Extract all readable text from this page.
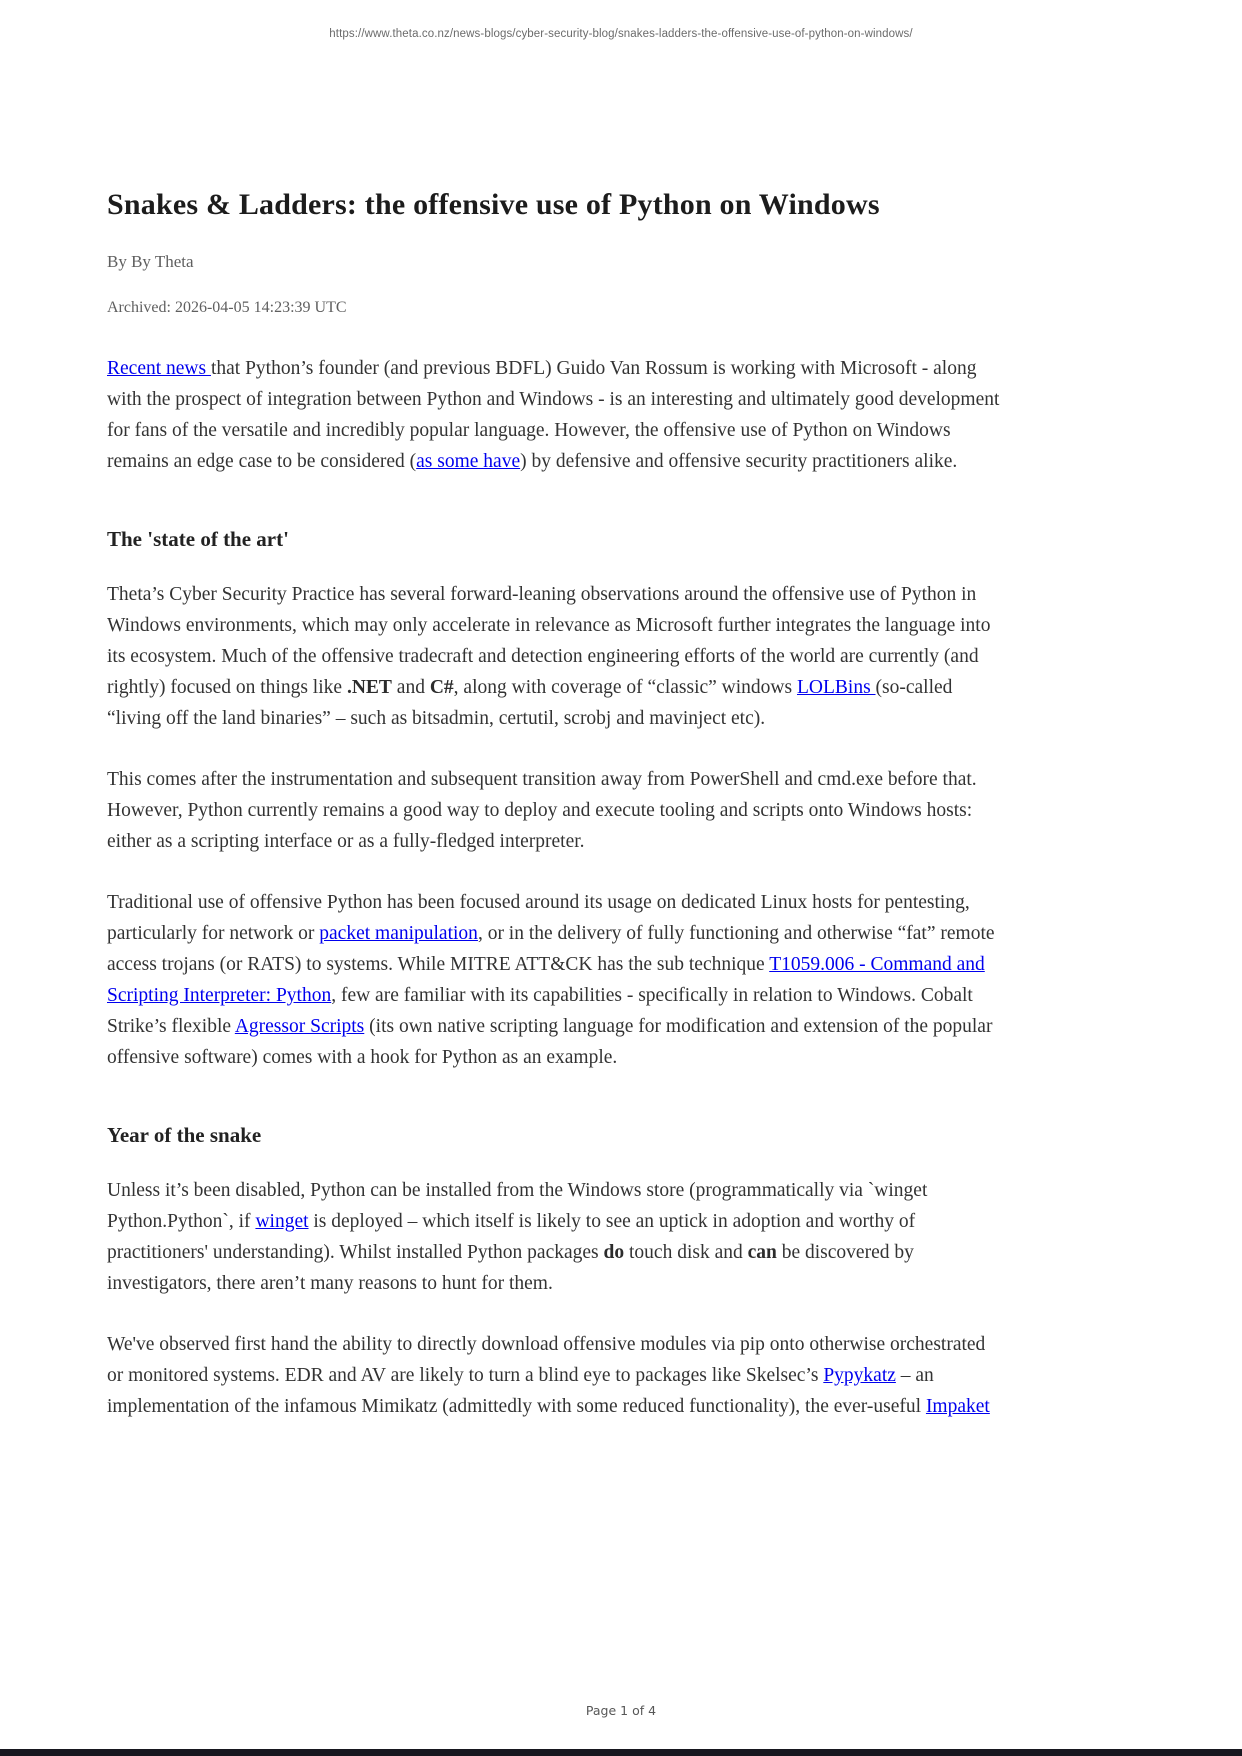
https://www.theta.co.nz/news-blogs/cyber-security-blog/snakes-ladders-the-offensive-use-of-python-on-windows/
Snakes & Ladders: the offensive use of Python on Windows
By By Theta
Archived: 2026-04-05 14:23:39 UTC

Recent news that Python’s founder (and previous BDFL) Guido Van Rossum is working with Microsoft - along with the prospect of integration between Python and Windows - is an interesting and ultimately good development for fans of the versatile and incredibly popular language. However, the offensive use of Python on Windows remains an edge case to be considered (as some have) by defensive and offensive security practitioners alike.

The 'state of the art'

Theta’s Cyber Security Practice has several forward-leaning observations around the offensive use of Python in Windows environments, which may only accelerate in relevance as Microsoft further integrates the language into its ecosystem. Much of the offensive tradecraft and detection engineering efforts of the world are currently (and rightly) focused on things like .NET and C#, along with coverage of “classic” windows LOLBins (so-called “living off the land binaries” – such as bitsadmin, certutil, scrobj and mavinject etc).

This comes after the instrumentation and subsequent transition away from PowerShell and cmd.exe before that. However, Python currently remains a good way to deploy and execute tooling and scripts onto Windows hosts: either as a scripting interface or as a fully-fledged interpreter.

Traditional use of offensive Python has been focused around its usage on dedicated Linux hosts for pentesting, particularly for network or packet manipulation, or in the delivery of fully functioning and otherwise “fat” remote access trojans (or RATS) to systems. While MITRE ATT&CK has the sub technique T1059.006 - Command and Scripting Interpreter: Python, few are familiar with its capabilities - specifically in relation to Windows. Cobalt Strike’s flexible Agressor Scripts (its own native scripting language for modification and extension of the popular offensive software) comes with a hook for Python as an example.

Year of the snake

Unless it’s been disabled, Python can be installed from the Windows store (programmatically via `winget Python.Python`, if winget is deployed – which itself is likely to see an uptick in adoption and worthy of practitioners' understanding). Whilst installed Python packages do touch disk and can be discovered by investigators, there aren’t many reasons to hunt for them.

We've observed first hand the ability to directly download offensive modules via pip onto otherwise orchestrated or monitored systems. EDR and AV are likely to turn a blind eye to packages like Skelsec’s Pypykatz – an implementation of the infamous Mimikatz (admittedly with some reduced functionality), the ever-useful Impaket

Page 1 of 4
